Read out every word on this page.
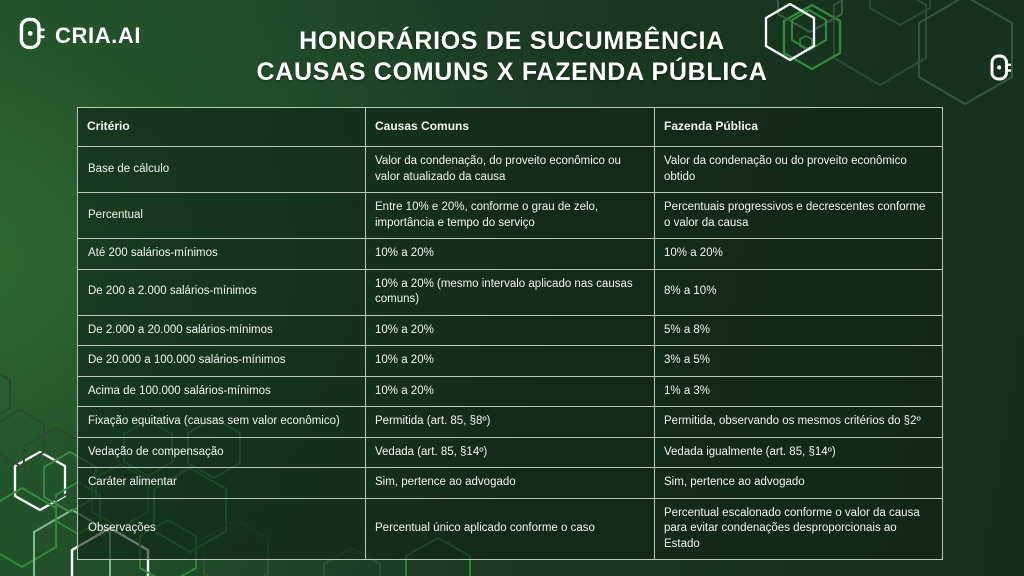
CRIA.AI	HONORÁRIOS DE SUCUMBÊNCIA
CAUSAS COMUNS X FAZENDA PÚBLICA
Critério	Causas Comuns	Fazenda Pública
Base de cálculo	Valor da condenação, do proveito econômico ou valor atualizado da causa	Valor da condenação ou do proveito econômico obtido
Percentual	Entre 10% e 20%, conforme o grau de zelo, importância e tempo do serviço	Percentuais progressivos e decrescentes conforme o valor da causa
Até 200 salários-mínimos	10% a 20%	10% a 20%
De 200 a 2.000 salários-mínimos	10% a 20% (mesmo intervalo aplicado nas causas comuns)	8% a 10%
De 2.000 a 20.000 salários-mínimos	10% a 20%	5% a 8%
De 20.000 a 100.000 salários-mínimos	10% a 20%	3% a 5%
Acima de 100.000 salários-mínimos	10% a 20%	1% a 3%
Fixação equitativa (causas sem valor econômico)	Permitida (art. 85, §8º)	Permitida, observando os mesmos critérios do §2º
Vedação de compensação	Vedada (art. 85, §14º)	Vedada igualmente (art. 85, §14º)
Caráter alimentar	Sim, pertence ao advogado	Sim, pertence ao advogado
Observações	Percentual único aplicado conforme o caso	Percentual escalonado conforme o valor da causa para evitar condenações desproporcionais ao Estado
